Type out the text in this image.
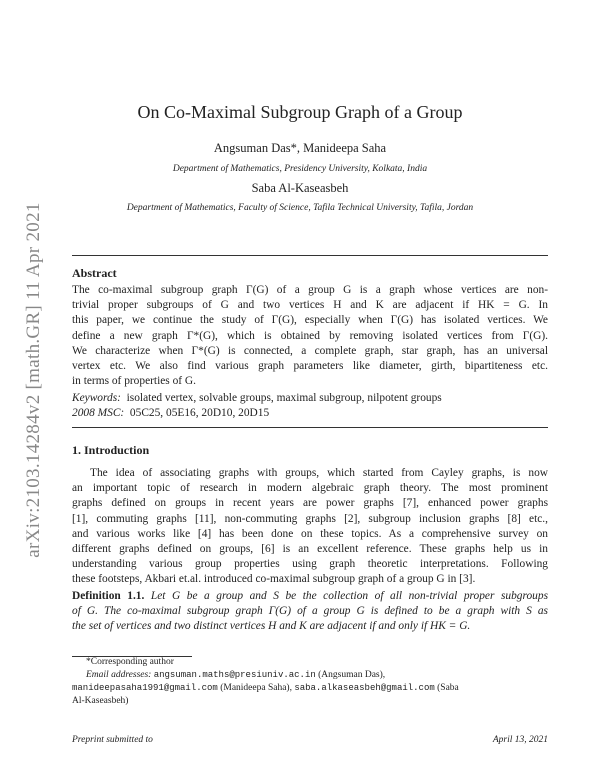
arXiv:2103.14284v2 [math.GR] 11 Apr 2021
On Co-Maximal Subgroup Graph of a Group
Angsuman Das*, Manideepa Saha
Department of Mathematics, Presidency University, Kolkata, India
Saba Al-Kaseasbeh
Department of Mathematics, Faculty of Science, Tafila Technical University, Tafila, Jordan
Abstract
The co-maximal subgroup graph Γ(G) of a group G is a graph whose vertices are non-
trivial proper subgroups of G and two vertices H and K are adjacent if HK = G. In
this paper, we continue the study of Γ(G), especially when Γ(G) has isolated vertices. We
define a new graph Γ*(G), which is obtained by removing isolated vertices from Γ(G).
We characterize when Γ*(G) is connected, a complete graph, star graph, has an universal
vertex etc. We also find various graph parameters like diameter, girth, bipartiteness etc.
in terms of properties of G.
Keywords: isolated vertex, solvable groups, maximal subgroup, nilpotent groups
2008 MSC: 05C25, 05E16, 20D10, 20D15
1. Introduction
The idea of associating graphs with groups, which started from Cayley graphs, is now
an important topic of research in modern algebraic graph theory. The most prominent
graphs defined on groups in recent years are power graphs [7], enhanced power graphs
[1], commuting graphs [11], non-commuting graphs [2], subgroup inclusion graphs [8] etc.,
and various works like [4] has been done on these topics. As a comprehensive survey on
different graphs defined on groups, [6] is an excellent reference. These graphs help us in
understanding various group properties using graph theoretic interpretations. Following
these footsteps, Akbari et.al. introduced co-maximal subgroup graph of a group G in [3].
Definition 1.1. Let G be a group and S be the collection of all non-trivial proper subgroups
of G. The co-maximal subgroup graph Γ(G) of a group G is defined to be a graph with S as
the set of vertices and two distinct vertices H and K are adjacent if and only if HK = G.
*Corresponding author
Email addresses: angsuman.maths@presiuniv.ac.in (Angsuman Das),
manideepasaha1991@gmail.com (Manideepa Saha), saba.alkaseasbeh@gmail.com (Saba
Al-Kaseasbeh)
Preprint submitted to	April 13, 2021
